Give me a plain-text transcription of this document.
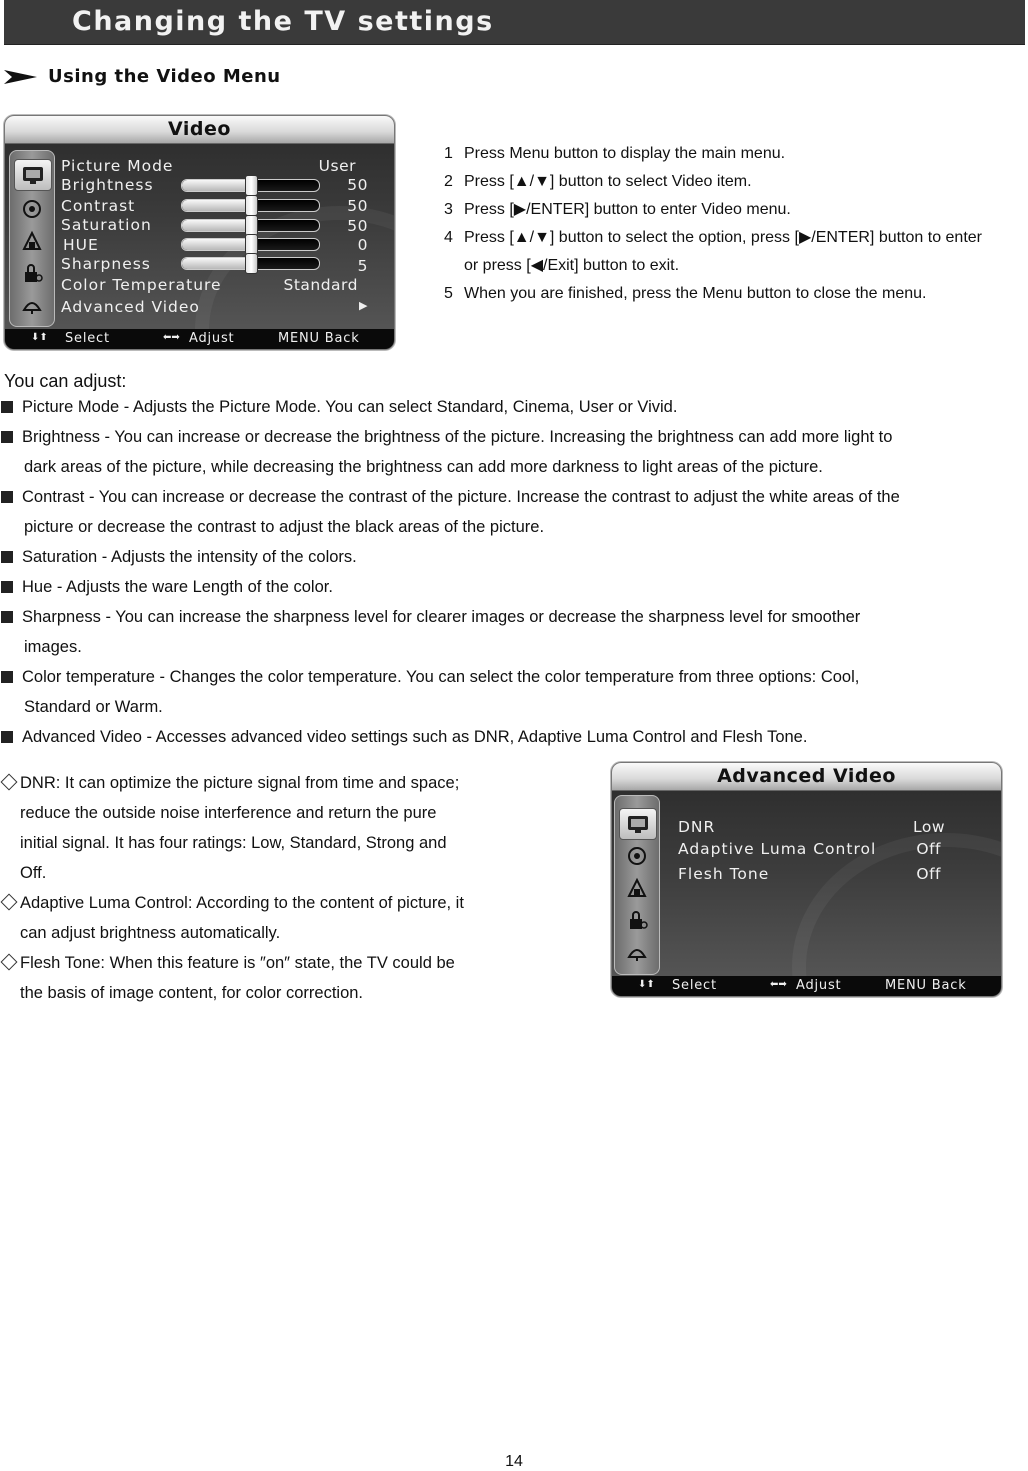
Changing the TV settings
Using the Video Menu
Video
Picture Mode	User
Brightness	50
Contrast	50
Saturation	50
HUE	0
Sharpness	5
Color Temperature	Standard
Advanced Video	▶
⬇⬆ Select	⬅➡ Adjust	MENU Back
1 Press Menu button to display the main menu.
2 Press [▲/▼] button to select Video item.
3 Press [▶/ENTER] button to enter Video menu.
4 Press [▲/▼] button to select the option, press [▶/ENTER] button to enter
or press [◀/Exit] button to exit.
5 When you are finished, press the Menu button to close the menu.
You can adjust:
Picture Mode - Adjusts the Picture Mode. You can select Standard, Cinema, User or Vivid.
Brightness - You can increase or decrease the brightness of the picture. Increasing the brightness can add more light to
dark areas of the picture, while decreasing the brightness can add more darkness to light areas of the picture.
Contrast - You can increase or decrease the contrast of the picture. Increase the contrast to adjust the white areas of the
picture or decrease the contrast to adjust the black areas of the picture.
Saturation - Adjusts the intensity of the colors.
Hue - Adjusts the ware Length of the color.
Sharpness - You can increase the sharpness level for clearer images or decrease the sharpness level for smoother
images.
Color temperature - Changes the color temperature. You can select the color temperature from three options: Cool,
Standard or Warm.
Advanced Video - Accesses advanced video settings such as DNR, Adaptive Luma Control and Flesh Tone.
DNR: It can optimize the picture signal from time and space;
reduce the outside noise interference and return the pure
initial signal. It has four ratings: Low, Standard, Strong and
Off.
Adaptive Luma Control: According to the content of picture, it
can adjust brightness automatically.
Flesh Tone: When this feature is ″on″ state, the TV could be
the basis of image content, for color correction.
Advanced Video
DNR	Low
Adaptive Luma Control	Off
Flesh Tone	Off
⬇⬆ Select	⬅➡ Adjust	MENU Back
14
